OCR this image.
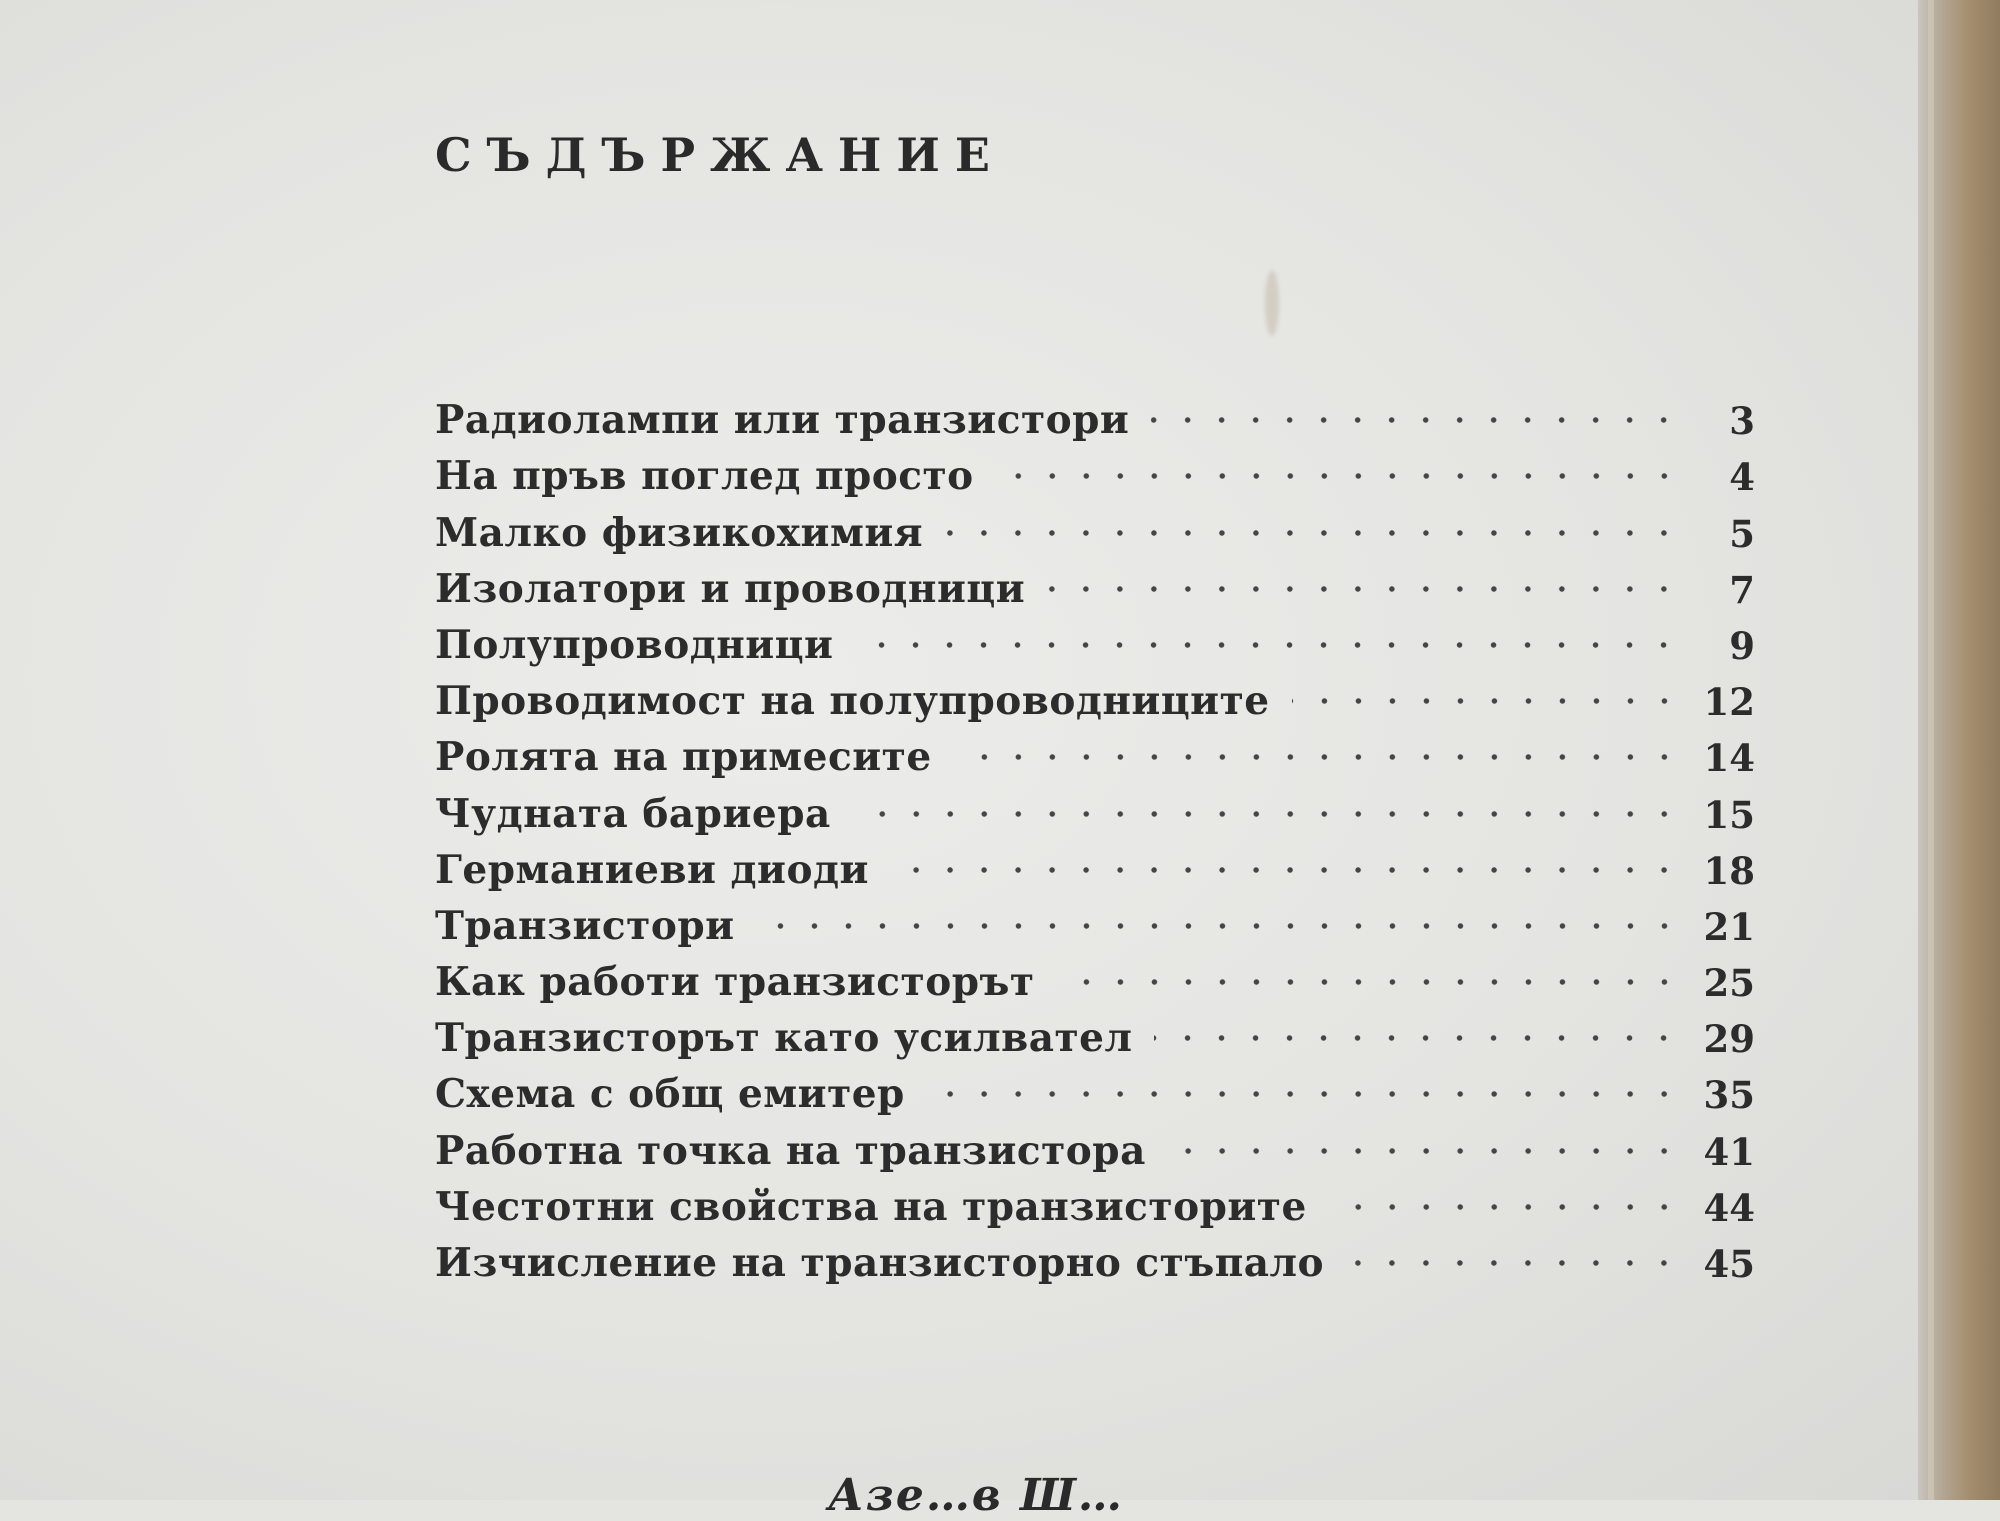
СЪДЪРЖАНИЕ
Радиолампи или транзистори	3
На пръв поглед просто	4
Малко физикохимия	5
Изолатори и проводници	7
Полупроводници	9
Проводимост на полупроводниците	12
Ролята на примесите	14
Чудната бариера	15
Германиеви диоди	18
Транзистори	21
Как работи транзисторът	25
Транзисторът като усилвател	29
Схема с общ емитер	35
Работна точка на транзистора	41
Честотни свойства на транзисторите	44
Изчисление на транзисторно стъпало	45

Азе…в Ш…
